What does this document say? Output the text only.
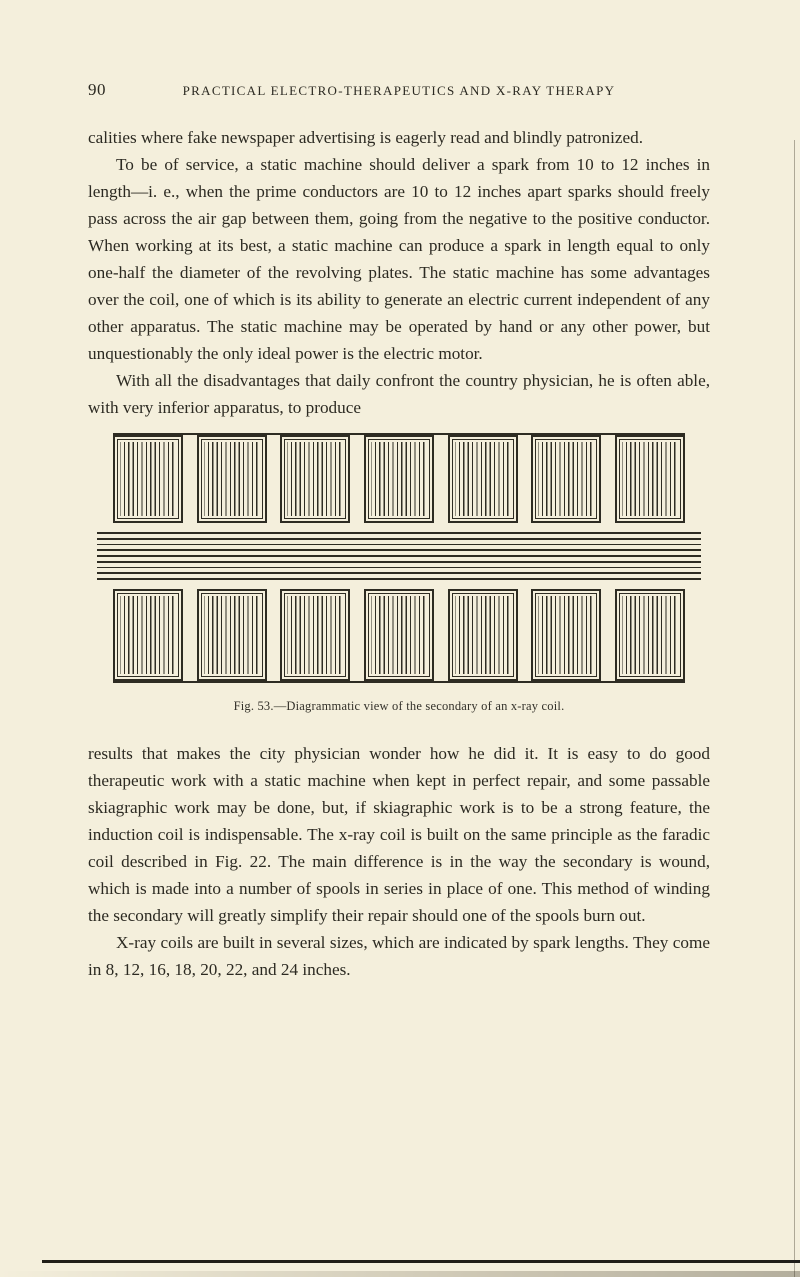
90	PRACTICAL ELECTRO-THERAPEUTICS AND X-RAY THERAPY

calities where fake newspaper advertising is eagerly read and blindly patronized.

To be of service, a static machine should deliver a spark from 10 to 12 inches in length—i. e., when the prime conductors are 10 to 12 inches apart sparks should freely pass across the air gap between them, going from the negative to the positive conductor. When working at its best, a static machine can produce a spark in length equal to only one-half the diameter of the revolving plates. The static machine has some advantages over the coil, one of which is its ability to generate an electric current independent of any other apparatus. The static machine may be operated by hand or any other power, but unquestionably the only ideal power is the electric motor.

With all the disadvantages that daily confront the country physician, he is often able, with very inferior apparatus, to produce

Fig. 53.—Diagrammatic view of the secondary of an x-ray coil.

results that makes the city physician wonder how he did it. It is easy to do good therapeutic work with a static machine when kept in perfect repair, and some passable skiagraphic work may be done, but, if skiagraphic work is to be a strong feature, the induction coil is indispensable. The x-ray coil is built on the same principle as the faradic coil described in Fig. 22. The main difference is in the way the secondary is wound, which is made into a number of spools in series in place of one. This method of winding the secondary will greatly simplify their repair should one of the spools burn out.

X-ray coils are built in several sizes, which are indicated by spark lengths. They come in 8, 12, 16, 18, 20, 22, and 24 inches.
